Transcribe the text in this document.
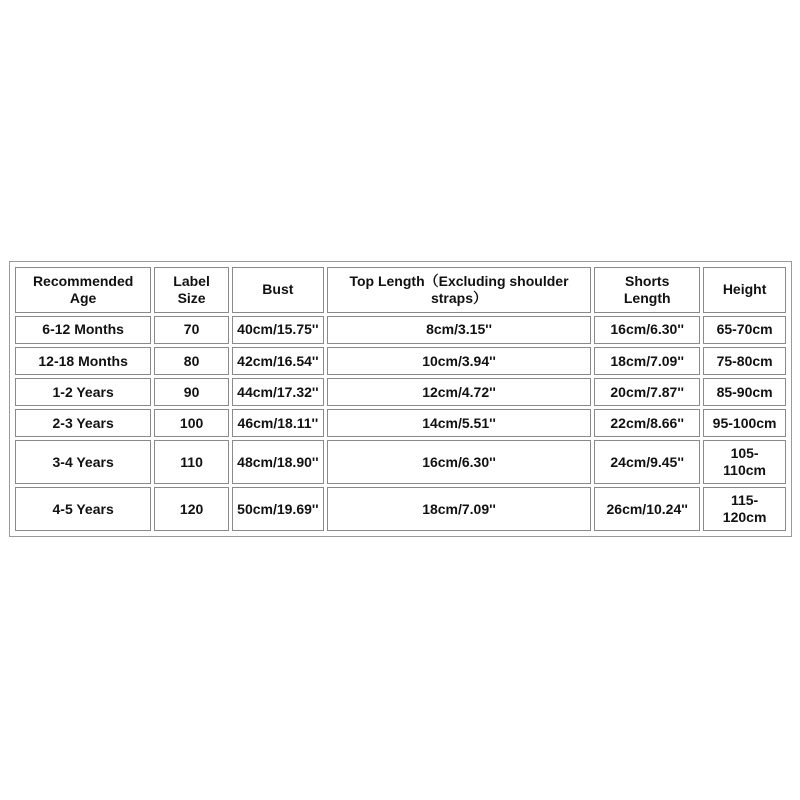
Recommended Age	Label Size	Bust	Top Length（Excluding shoulder straps）	Shorts Length	Height
6-12 Months	70	40cm/15.75''	8cm/3.15''	16cm/6.30''	65-70cm
12-18 Months	80	42cm/16.54''	10cm/3.94''	18cm/7.09''	75-80cm
1-2 Years	90	44cm/17.32''	12cm/4.72''	20cm/7.87''	85-90cm
2-3 Years	100	46cm/18.11''	14cm/5.51''	22cm/8.66''	95-100cm
3-4 Years	110	48cm/18.90''	16cm/6.30''	24cm/9.45''	105-110cm
4-5 Years	120	50cm/19.69''	18cm/7.09''	26cm/10.24''	115-120cm
